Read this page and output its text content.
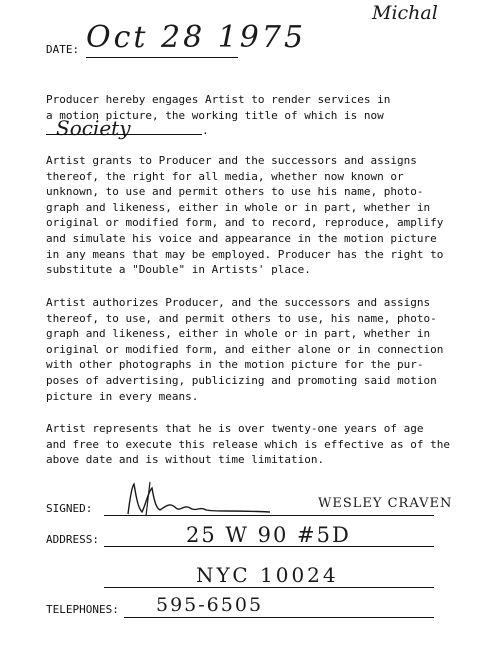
Michal
DATE: Oct 28 1975
Producer hereby engages Artist to render services in
a motion picture, the working title of which is now
Society	.
Artist grants to Producer and the successors and assigns
thereof, the right for all media, whether now known or
unknown, to use and permit others to use his name, photo-
graph and likeness, either in whole or in part, whether in
original or modified form, and to record, reproduce, amplify
and simulate his voice and appearance in the motion picture
in any means that may be employed. Producer has the right to
substitute a "Double" in Artists' place.
Artist authorizes Producer, and the successors and assigns
thereof, to use, and permit others to use, his name, photo-
graph and likeness, either in whole or in part, whether in
original or modified form, and either alone or in connection
with other photographs in the motion picture for the pur-
poses of advertising, publicizing and promoting said motion
picture in every means.
Artist represents that he is over twenty-one years of age
and free to execute this release which is effective as of the
above date and is without time limitation.
SIGNED:	WESLEY CRAVEN
ADDRESS:	25 W 90 #5D
NYC 10024
TELEPHONES: 595-6505
